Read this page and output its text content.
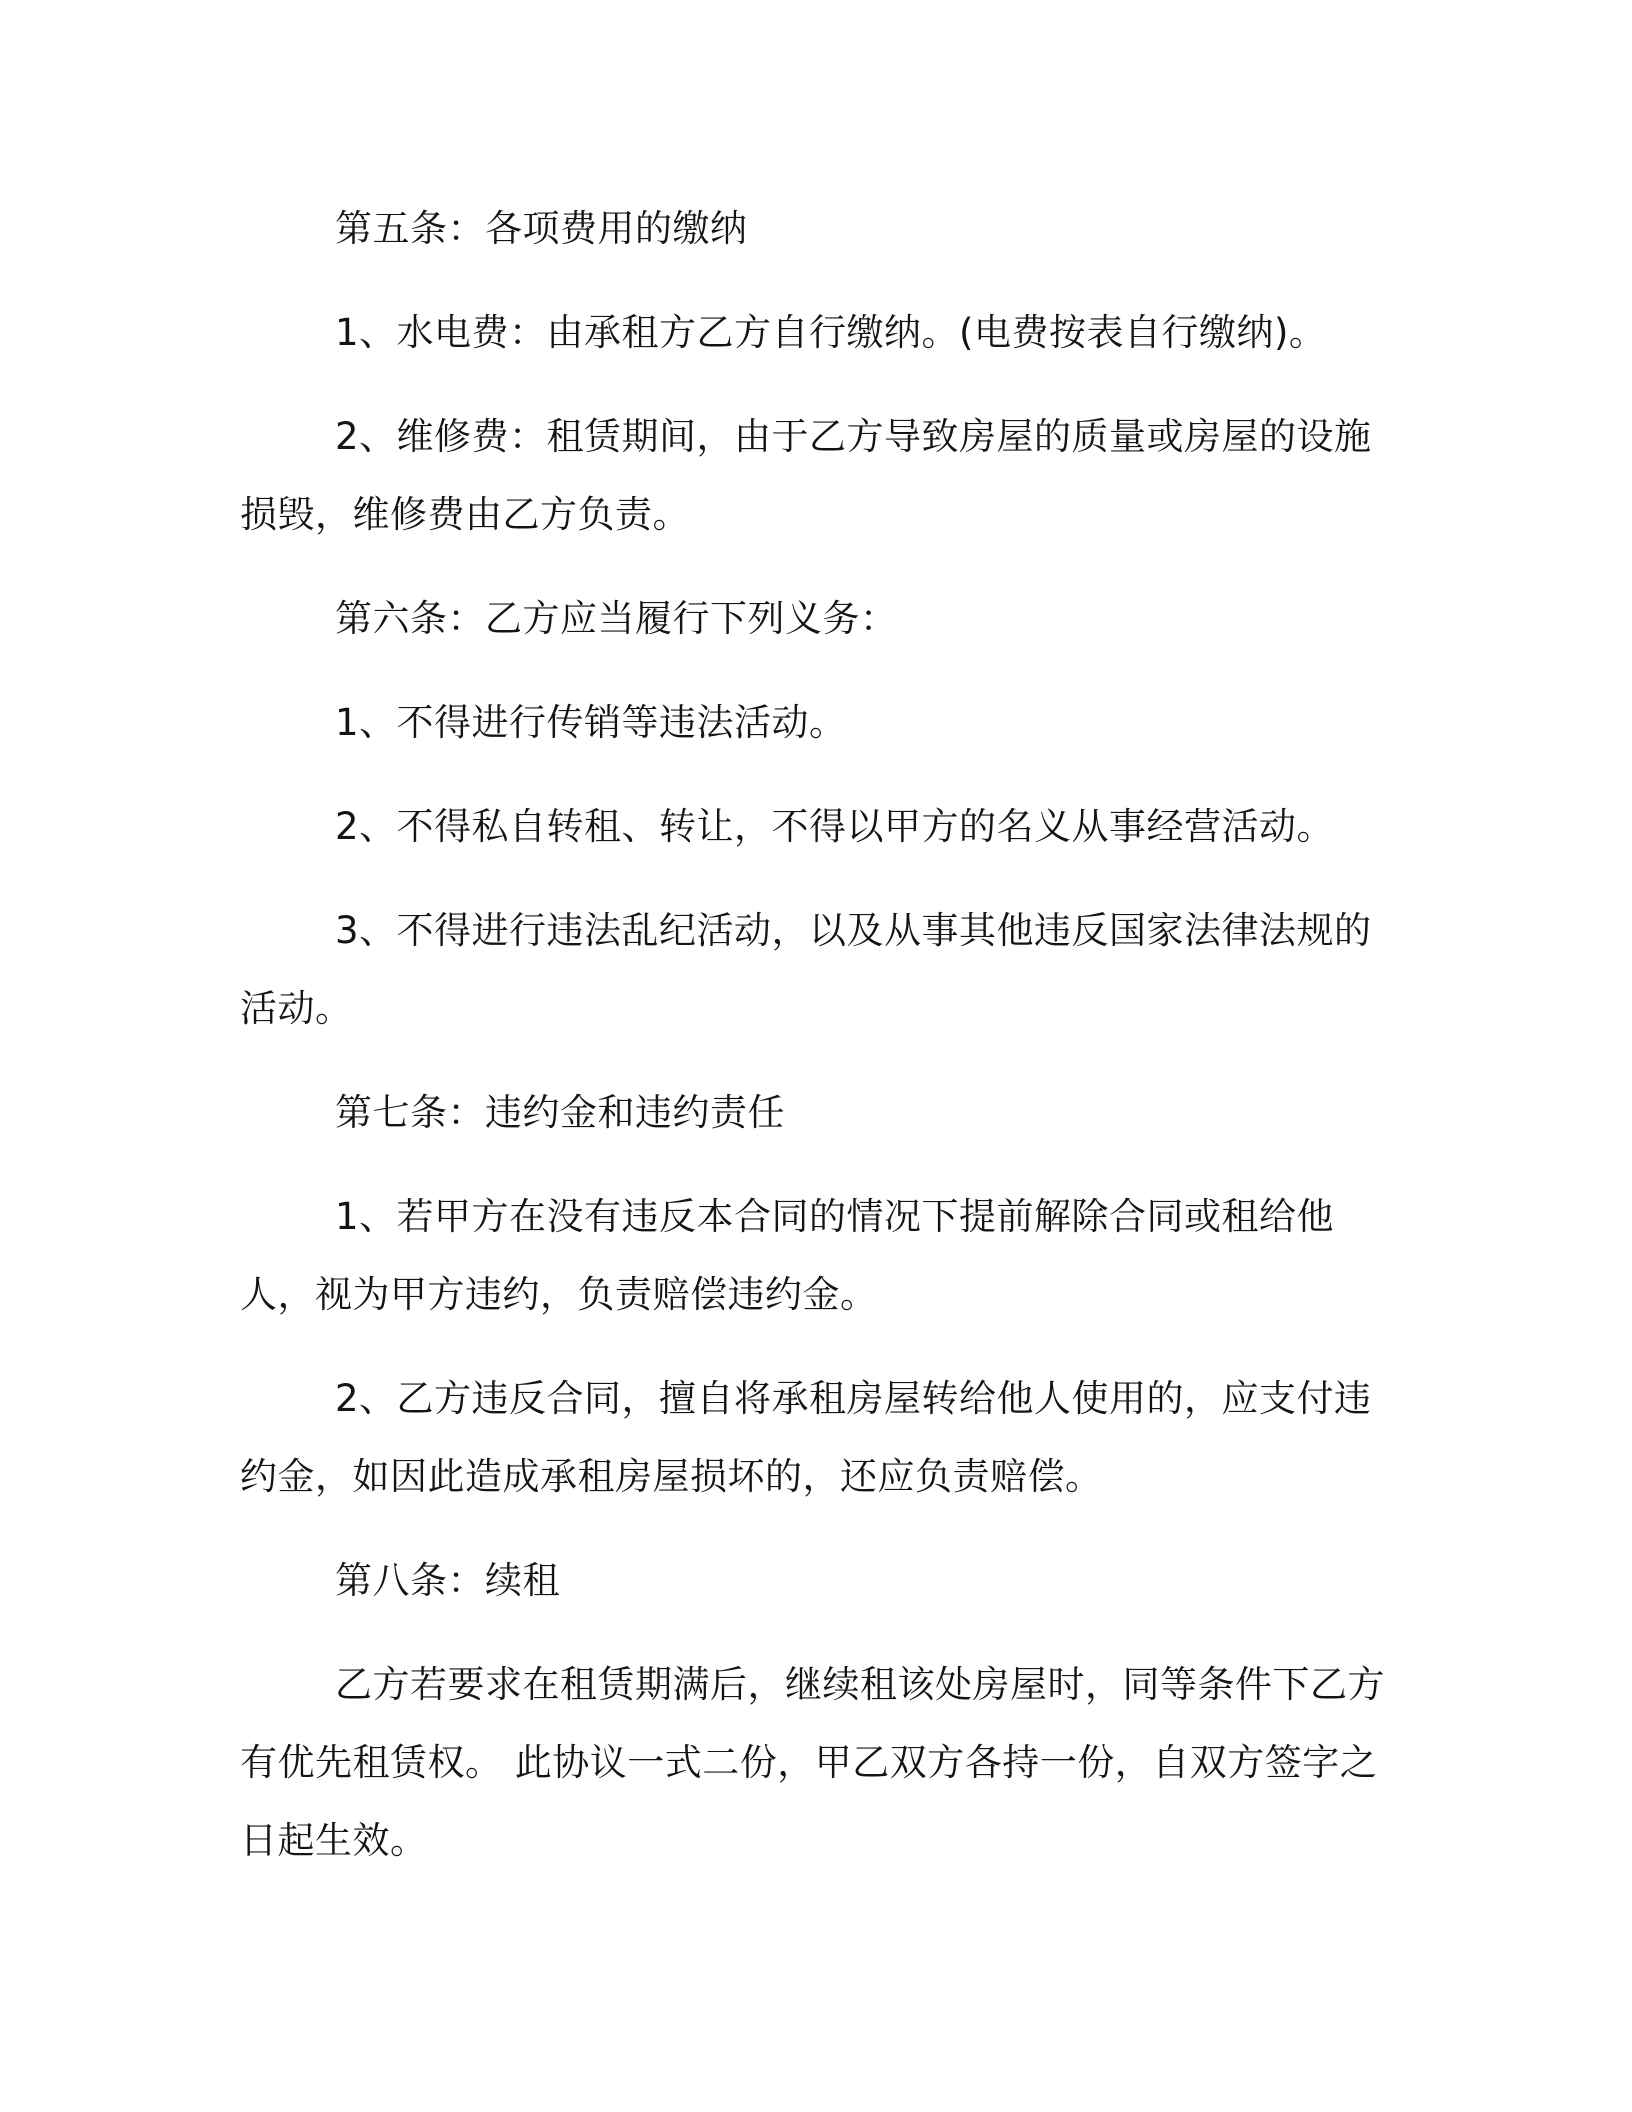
第五条：各项费用的缴纳

1、水电费：由承租方乙方自行缴纳。(电费按表自行缴纳)。

2、维修费：租赁期间，由于乙方导致房屋的质量或房屋的设施损毁，维修费由乙方负责。

第六条：乙方应当履行下列义务：

1、不得进行传销等违法活动。

2、不得私自转租、转让，不得以甲方的名义从事经营活动。

3、不得进行违法乱纪活动，以及从事其他违反国家法律法规的活动。

第七条：违约金和违约责任

1、若甲方在没有违反本合同的情况下提前解除合同或租给他人，视为甲方违约，负责赔偿违约金。

2、乙方违反合同，擅自将承租房屋转给他人使用的，应支付违约金，如因此造成承租房屋损坏的，还应负责赔偿。

第八条：续租

乙方若要求在租赁期满后，继续租该处房屋时，同等条件下乙方有优先租赁权。 此协议一式二份，甲乙双方各持一份，自双方签字之日起生效。
